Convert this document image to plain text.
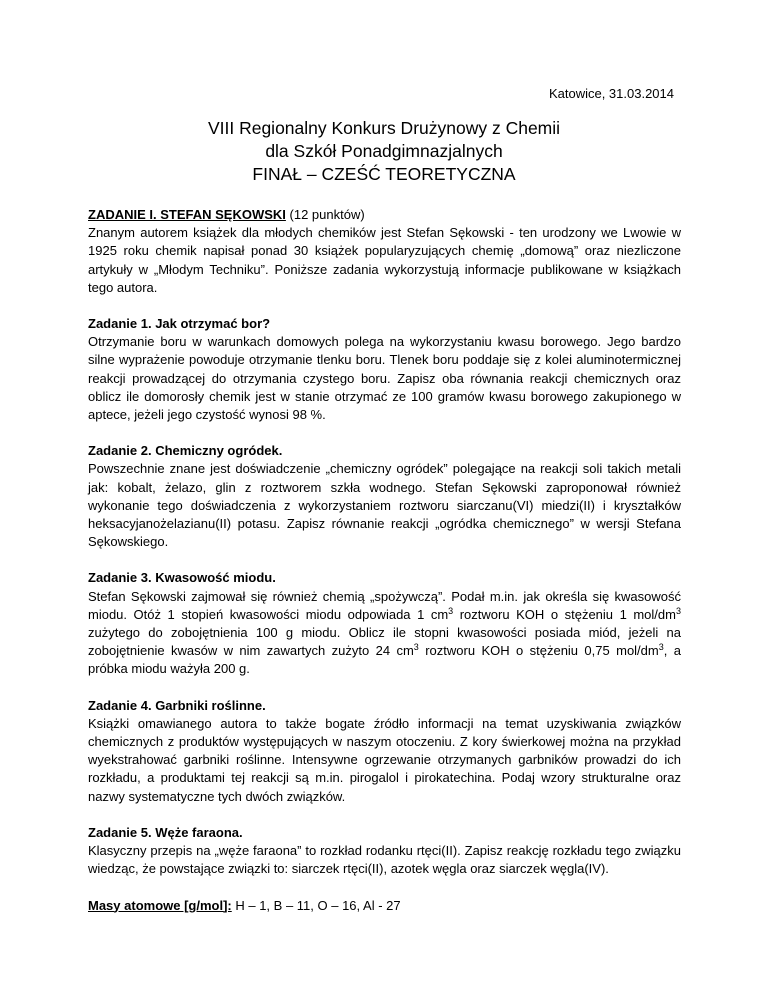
Katowice, 31.03.2014

VIII Regionalny Konkurs Drużynowy z Chemii

dla Szkół Ponadgimnazjalnych

FINAŁ – CZEŚĆ TEORETYCZNA

ZADANIE I. STEFAN SĘKOWSKI (12 punktów)

Znanym autorem książek dla młodych chemików jest Stefan Sękowski - ten urodzony we Lwowie w 1925 roku chemik napisał ponad 30 książek popularyzujących chemię „domową” oraz niezliczone artykuły w „Młodym Techniku”. Poniższe zadania wykorzystują informacje publikowane w książkach tego autora.

Zadanie 1. Jak otrzymać bor?

Otrzymanie boru w warunkach domowych polega na wykorzystaniu kwasu borowego. Jego bardzo silne wyprażenie powoduje otrzymanie tlenku boru. Tlenek boru poddaje się z kolei aluminotermicznej reakcji prowadzącej do otrzymania czystego boru. Zapisz oba równania reakcji chemicznych oraz oblicz ile domorosły chemik jest w stanie otrzymać ze 100 gramów kwasu borowego zakupionego w aptece, jeżeli jego czystość wynosi 98 %.

Zadanie 2. Chemiczny ogródek.

Powszechnie znane jest doświadczenie „chemiczny ogródek” polegające na reakcji soli takich metali jak: kobalt, żelazo, glin z roztworem szkła wodnego. Stefan Sękowski zaproponował również wykonanie tego doświadczenia z wykorzystaniem roztworu siarczanu(VI) miedzi(II) i kryształków heksacyjanożelazianu(II) potasu. Zapisz równanie reakcji „ogródka chemicznego” w wersji Stefana Sękowskiego.

Zadanie 3. Kwasowość miodu.

Stefan Sękowski zajmował się również chemią „spożywczą”. Podał m.in. jak określa się kwasowość miodu. Otóż 1 stopień kwasowości miodu odpowiada 1 $cm^3$ roztworu KOH o stężeniu 1 mol/$dm^3$ zużytego do zobojętnienia 100 g miodu. Oblicz ile stopni kwasowości posiada miód, jeżeli na zobojętnienie kwasów w nim zawartych zużyto 24 $cm^3$ roztworu KOH o stężeniu 0,75 mol/$dm^3$, a próbka miodu ważyła 200 g.

Zadanie 4. Garbniki roślinne.

Książki omawianego autora to także bogate źródło informacji na temat uzyskiwania związków chemicznych z produktów występujących w naszym otoczeniu. Z kory świerkowej można na przykład wyekstrahować garbniki roślinne. Intensywne ogrzewanie otrzymanych garbników prowadzi do ich rozkładu, a produktami tej reakcji są m.in. pirogalol i pirokatechina. Podaj wzory strukturalne oraz nazwy systematyczne tych dwóch związków.

Zadanie 5. Węże faraona.

Klasyczny przepis na „węże faraona” to rozkład rodanku rtęci(II). Zapisz reakcję rozkładu tego związku wiedząc, że powstające związki to: siarczek rtęci(II), azotek węgla oraz siarczek węgla(IV).

Masy atomowe [g/mol]: H – 1, B – 11, O – 16, Al - 27
